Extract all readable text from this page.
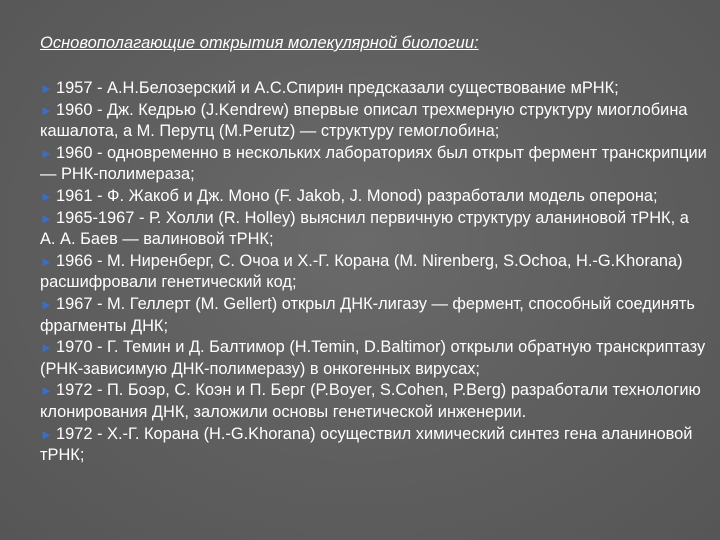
Основополагающие открытия молекулярной биологии:
► 1957 - А.Н.Белозерский и А.С.Спирин предсказали существование мРНК;
► 1960 - Дж. Кедрью (J.Kendrew) впервые описал трехмерную структуру миоглобина кашалота, а М. Перутц (M.Perutz) — структуру гемоглобина;
► 1960 - одновременно в нескольких лабораториях был открыт фермент транскрипции — РНК-полимераза;
► 1961 - Ф. Жакоб и Дж. Моно (F. Jakob, J. Monod) разработали модель оперона;
► 1965-1967 - Р. Холли (R. Holley) выяснил первичную структуру аланиновой тРНК, а А. А. Баев — валиновой тРНК;
► 1966 - М. Ниренберг, С. Очоа и Х.-Г. Корана (M. Nirenberg, S.Ochoa, H.-G.Khorana) расшифровали генетический код;
► 1967 - М. Геллерт (M. Gellert) открыл ДНК-лигазу — фермент, способный соединять фрагменты ДНК;
► 1970 - Г. Темин и Д. Балтимор (H.Temin, D.Baltimor) открыли обратную транскриптазу (РНК-зависимую ДНК-полимеразу) в онкогенных вирусах;
► 1972 - П. Боэр, С. Коэн и П. Берг (P.Boyer, S.Cohen, P.Berg) разработали технологию клонирования ДНК, заложили основы генетической инженерии.
► 1972 - Х.-Г. Корана (H.-G.Khorana) осуществил химический синтез гена аланиновой тРНК;
